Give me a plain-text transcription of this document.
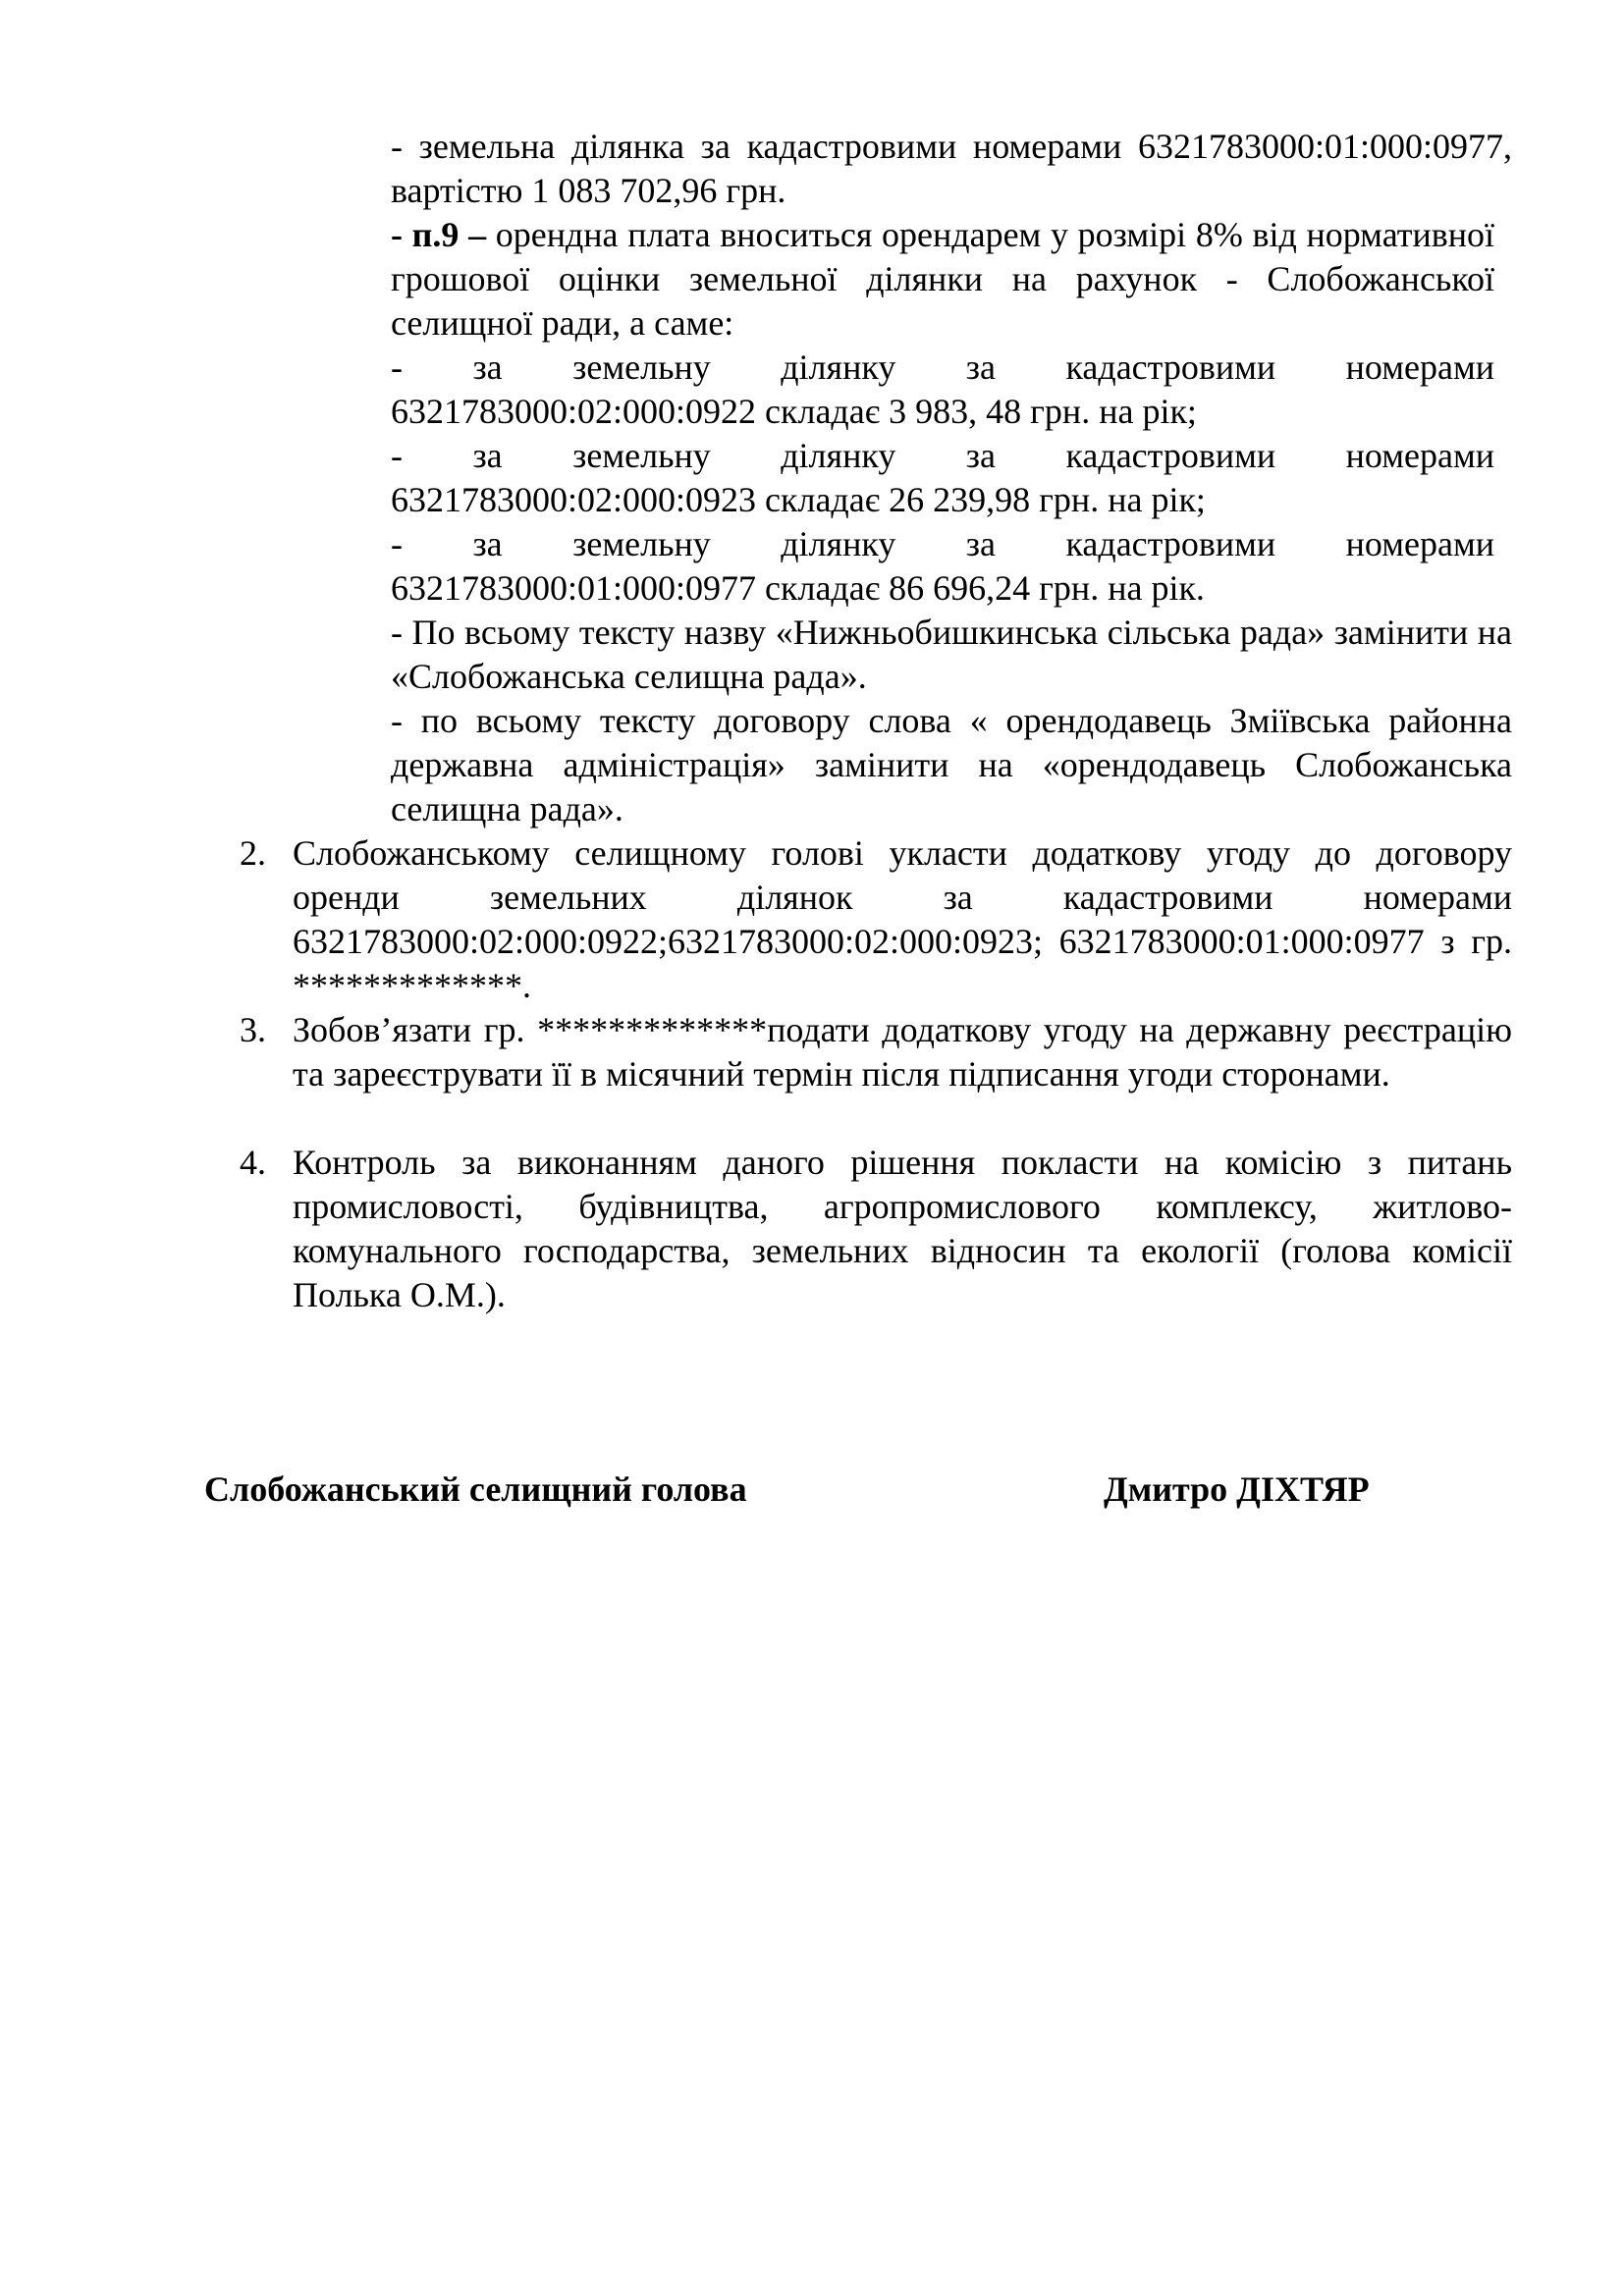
- земельна ділянка за кадастровими номерами 6321783000:01:000:0977, вартістю 1 083 702,96 грн.

- п.9 – орендна плата вноситься орендарем у розмірі 8% від нормативної грошової оцінки земельної ділянки на рахунок - Слобожанської селищної ради, а саме:

- за земельну ділянку за кадастровими номерами 6321783000:02:000:0922 складає 3 983, 48 грн. на рік;

- за земельну ділянку за кадастровими номерами 6321783000:02:000:0923 складає 26 239,98 грн. на рік;

- за земельну ділянку за кадастровими номерами 6321783000:01:000:0977 складає 86 696,24 грн. на рік.

- По всьому тексту назву «Нижньобишкинська сільська рада» замінити на «Слобожанська селищна рада».

- по всьому тексту договору слова « орендодавець Зміївська районна державна адміністрація» замінити на «орендодавець Слобожанська селищна рада».

2. Слобожанському селищному голові укласти додаткову угоду до договору оренди земельних ділянок за кадастровими номерами 6321783000:02:000:0922;6321783000:02:000:0923; 6321783000:01:000:0977 з гр. *************.

3. Зобов’язати гр. *************подати додаткову угоду на державну реєстрацію та зареєструвати її в місячний термін після підписання угоди сторонами.

4. Контроль за виконанням даного рішення покласти на комісію з питань промисловості, будівництва, агропромислового комплексу, житлово-комунального господарства, земельних відносин та екології (голова комісії Полька О.М.).

Слобожанський селищний голова	Дмитро ДІХТЯР
